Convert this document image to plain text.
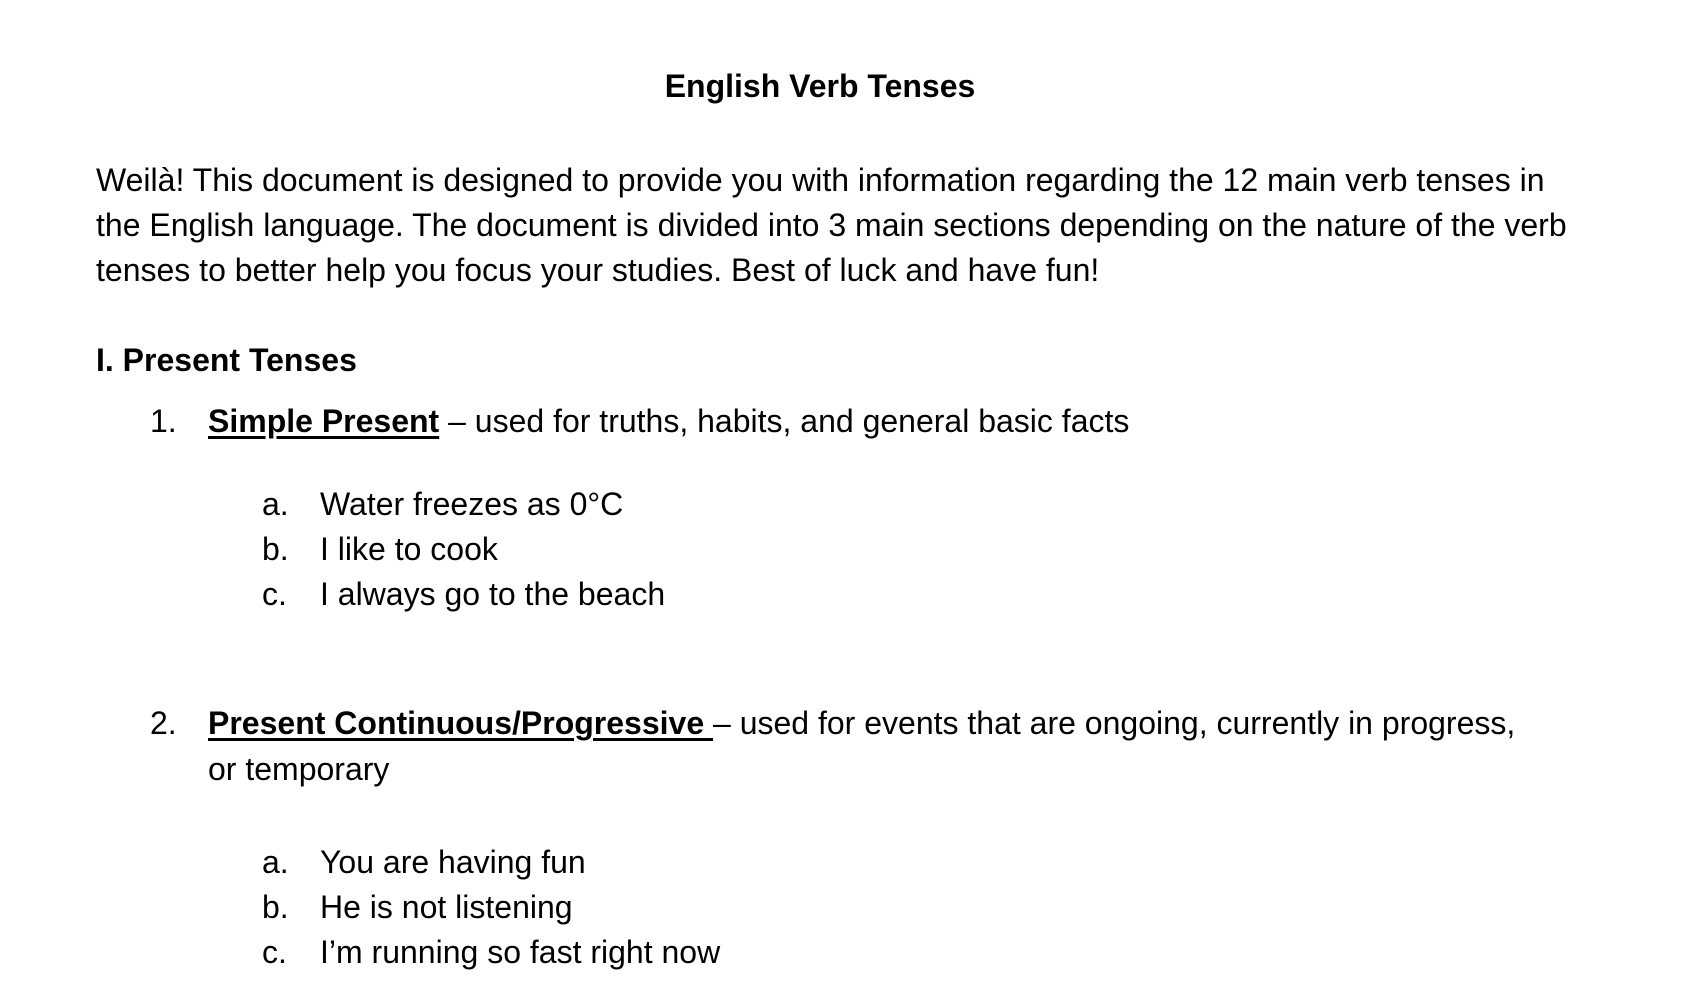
English Verb Tenses

Weilà! This document is designed to provide you with information regarding the 12 main verb tenses in the English language. The document is divided into 3 main sections depending on the nature of the verb tenses to better help you focus your studies. Best of luck and have fun!

I. Present Tenses
1. Simple Present – used for truths, habits, and general basic facts
a. Water freezes as 0°C
b. I like to cook
c. I always go to the beach
2. Present Continuous/Progressive – used for events that are ongoing, currently in progress, or temporary
a. You are having fun
b. He is not listening
c. I’m running so fast right now
